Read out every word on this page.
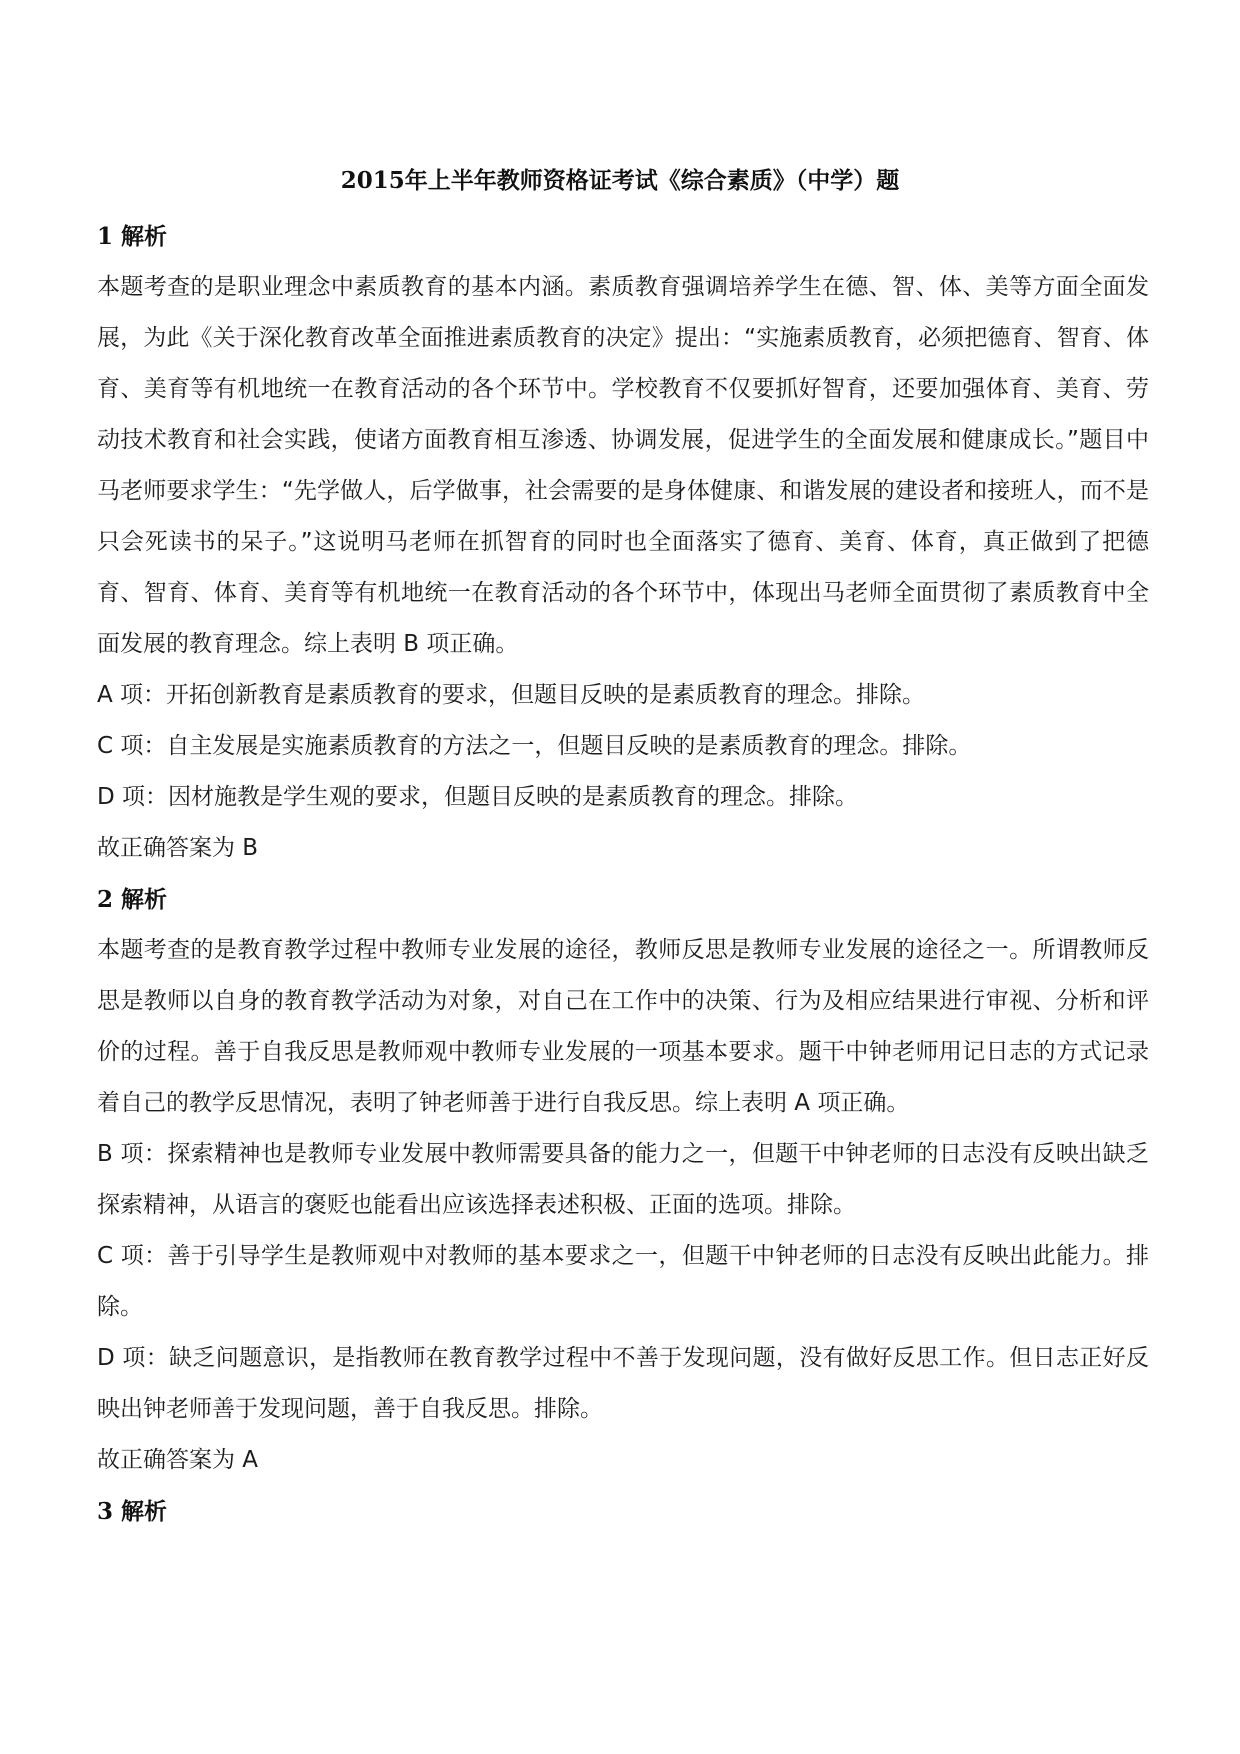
2015年上半年教师资格证考试《综合素质》（中学）题

1 解析

本题考查的是职业理念中素质教育的基本内涵。素质教育强调培养学生在德、智、体、美等方面全面发展，为此《关于深化教育改革全面推进素质教育的决定》提出：“实施素质教育，必须把德育、智育、体育、美育等有机地统一在教育活动的各个环节中。学校教育不仅要抓好智育，还要加强体育、美育、劳动技术教育和社会实践，使诸方面教育相互渗透、协调发展，促进学生的全面发展和健康成长。”题目中马老师要求学生：“先学做人，后学做事，社会需要的是身体健康、和谐发展的建设者和接班人，而不是只会死读书的呆子。”这说明马老师在抓智育的同时也全面落实了德育、美育、体育，真正做到了把德育、智育、体育、美育等有机地统一在教育活动的各个环节中，体现出马老师全面贯彻了素质教育中全面发展的教育理念。综上表明 B 项正确。

A 项：开拓创新教育是素质教育的要求，但题目反映的是素质教育的理念。排除。

C 项：自主发展是实施素质教育的方法之一，但题目反映的是素质教育的理念。排除。

D 项：因材施教是学生观的要求，但题目反映的是素质教育的理念。排除。

故正确答案为 B

2 解析

本题考查的是教育教学过程中教师专业发展的途径，教师反思是教师专业发展的途径之一。所谓教师反思是教师以自身的教育教学活动为对象，对自己在工作中的决策、行为及相应结果进行审视、分析和评价的过程。善于自我反思是教师观中教师专业发展的一项基本要求。题干中钟老师用记日志的方式记录着自己的教学反思情况，表明了钟老师善于进行自我反思。综上表明 A 项正确。

B 项：探索精神也是教师专业发展中教师需要具备的能力之一，但题干中钟老师的日志没有反映出缺乏探索精神，从语言的褒贬也能看出应该选择表述积极、正面的选项。排除。

C 项：善于引导学生是教师观中对教师的基本要求之一，但题干中钟老师的日志没有反映出此能力。排除。

D 项：缺乏问题意识，是指教师在教育教学过程中不善于发现问题，没有做好反思工作。但日志正好反映出钟老师善于发现问题，善于自我反思。排除。

故正确答案为 A

3 解析
